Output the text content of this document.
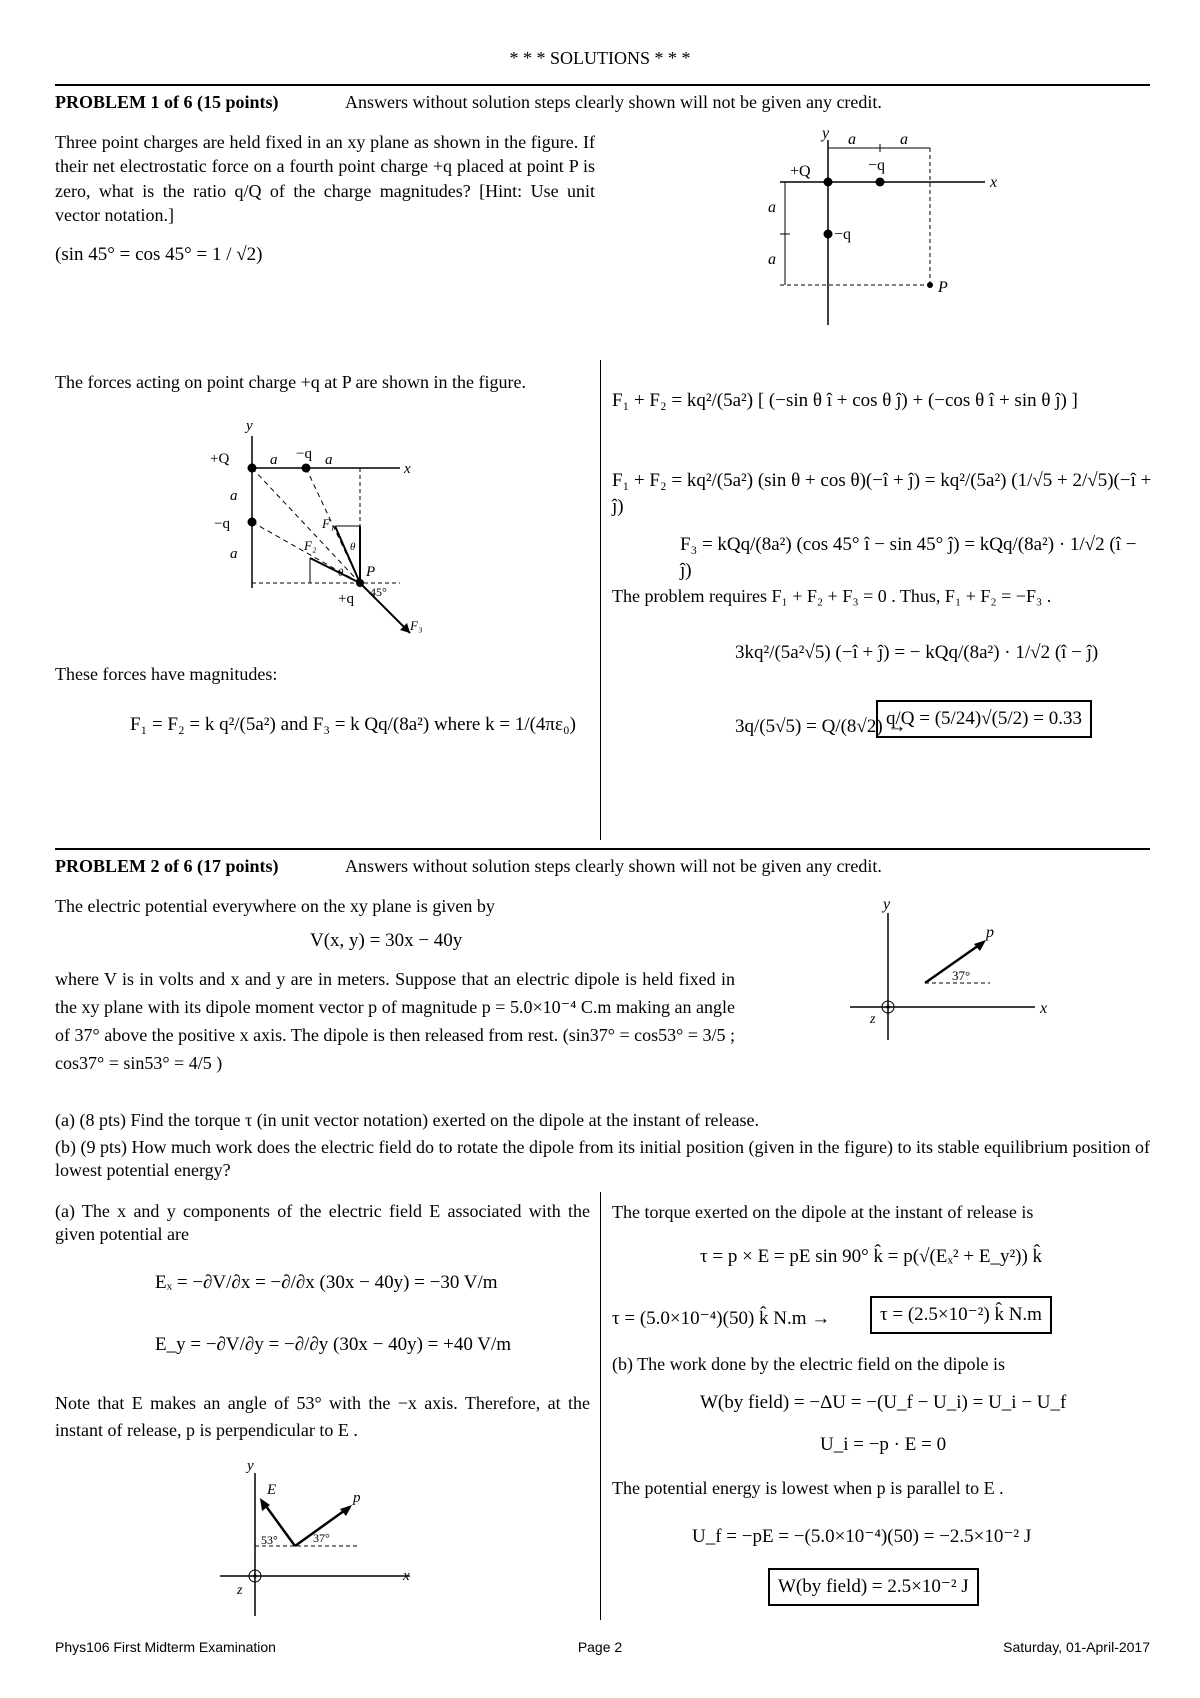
* * * SOLUTIONS * * *
PROBLEM 1 of 6 (15 points)	Answers without solution steps clearly shown will not be given any credit.
Three point charges are held fixed in an xy plane as shown in the figure. If their net electrostatic force on a fourth point charge +q placed at point P is zero, what is the ratio q/Q of the charge magnitudes? [Hint: Use unit vector notation.]
(sin 45° = cos 45° = 1 / √2)
y
x
a	a
a
a
+Q	−q
−q
P
The forces acting on point charge +q at P are shown in the figure.
y
x
+Q	−q
−q
a	a
a
a
F₁
F₂
F₃
P
+q 45°
θ
θ
These forces have magnitudes:
F₁ = F₂ = k q²/(5a²) and F₃ = k Qq/(8a²) where k = 1/(4πε₀)
F₁ + F₂ = kq²/(5a²) [ (−sin θ î + cos θ ĵ) + (−cos θ î + sin θ ĵ) ]
F₁ + F₂ = kq²/(5a²) (sin θ + cos θ)(−î + ĵ) = kq²/(5a²) (1/√5 + 2/√5)(−î + ĵ)
F₃ = kQq/(8a²) (cos 45° î − sin 45° ĵ) = kQq/(8a²) · 1/√2 (î − ĵ)
The problem requires F₁ + F₂ + F₃ = 0 . Thus, F₁ + F₂ = −F₃ .
3kq²/(5a²√5) (−î + ĵ) = − kQq/(8a²) · 1/√2 (î − ĵ)
3q/(5√5) = Q/(8√2) →
q/Q = (5/24)√(5/2) = 0.33
PROBLEM 2 of 6 (17 points)	Answers without solution steps clearly shown will not be given any credit.
The electric potential everywhere on the xy plane is given by
V(x, y) = 30x − 40y
where V is in volts and x and y are in meters. Suppose that an electric dipole is held fixed in the xy plane with its dipole moment vector p of magnitude p = 5.0×10⁻⁴ C.m making an angle of 37° above the positive x axis. The dipole is then released from rest. (sin37° = cos53° = 3/5 ; cos37° = sin53° = 4/5 )
y
x
z
p
37°
(a) (8 pts) Find the torque τ (in unit vector notation) exerted on the dipole at the instant of release.
(b) (9 pts) How much work does the electric field do to rotate the dipole from its initial position (given in the figure) to its stable equilibrium position of lowest potential energy?
(a) The x and y components of the electric field E associated with the given potential are
Eₓ = −∂V/∂x = −∂/∂x (30x − 40y) = −30 V/m
E_y = −∂V/∂y = −∂/∂y (30x − 40y) = +40 V/m
Note that E makes an angle of 53° with the −x axis. Therefore, at the instant of release, p is perpendicular to E .
y
x
z
E	p
53°	37°
The torque exerted on the dipole at the instant of release is
τ = p × E = pE sin 90° k̂ = p(√(Eₓ² + E_y²)) k̂
τ = (5.0×10⁻⁴)(50) k̂ N.m →	τ = (2.5×10⁻²) k̂ N.m
(b) The work done by the electric field on the dipole is
W(by field) = −ΔU = −(U_f − U_i) = U_i − U_f
U_i = −p · E = 0
The potential energy is lowest when p is parallel to E .
U_f = −pE = −(5.0×10⁻⁴)(50) = −2.5×10⁻² J
W(by field) = 2.5×10⁻² J
Phys106 First Midterm Examination	Page 2	Saturday, 01-April-2017
